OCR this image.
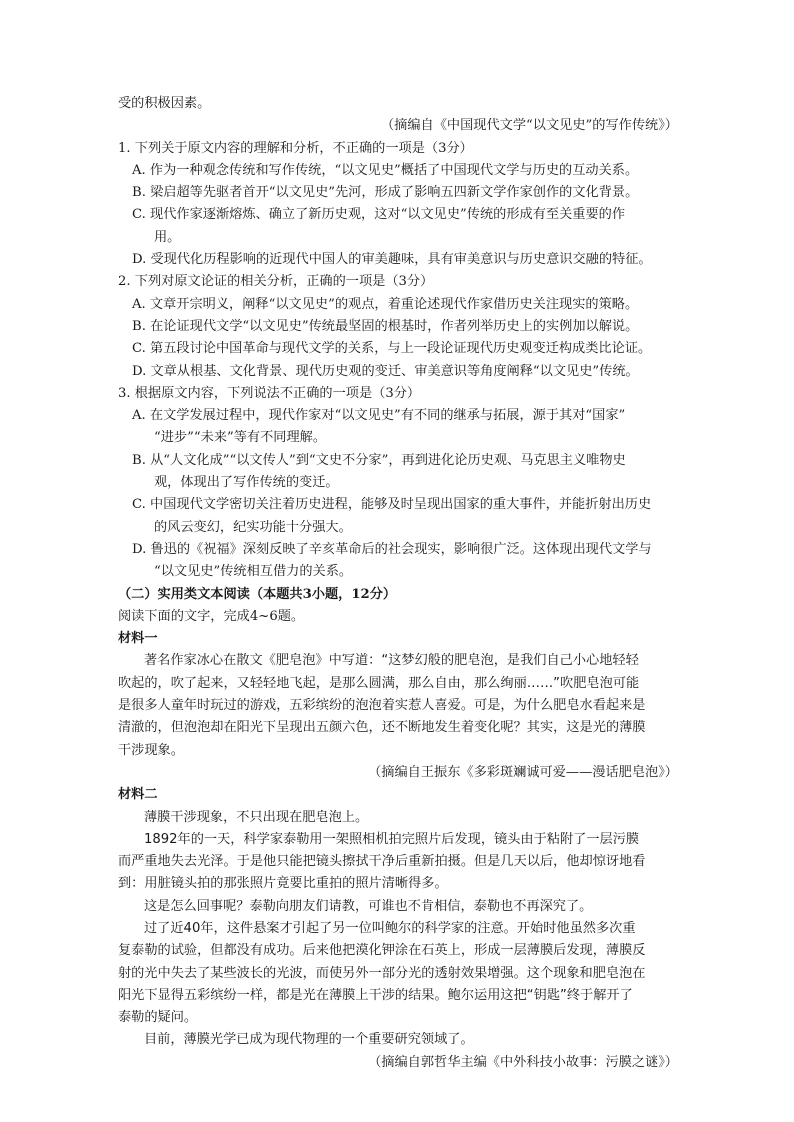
受的积极因素。
（摘编自《中国现代文学“以文见史”的写作传统》）
1. 下列关于原文内容的理解和分析，不正确的一项是（3分）
A. 作为一种观念传统和写作传统，“以文见史”概括了中国现代文学与历史的互动关系。
B. 梁启超等先驱者首开“以文见史”先河，形成了影响五四新文学作家创作的文化背景。
C. 现代作家逐渐熔炼、确立了新历史观，这对“以文见史”传统的形成有至关重要的作
用。
D. 受现代化历程影响的近现代中国人的审美趣味，具有审美意识与历史意识交融的特征。
2. 下列对原文论证的相关分析，正确的一项是（3分）
A. 文章开宗明义，阐释“以文见史”的观点，着重论述现代作家借历史关注现实的策略。
B. 在论证现代文学“以文见史”传统最坚固的根基时，作者列举历史上的实例加以解说。
C. 第五段讨论中国革命与现代文学的关系，与上一段论证现代历史观变迁构成类比论证。
D. 文章从根基、文化背景、现代历史观的变迁、审美意识等角度阐释“以文见史”传统。
3. 根据原文内容，下列说法不正确的一项是（3分）
A. 在文学发展过程中，现代作家对“以文见史”有不同的继承与拓展，源于其对“国家”
“进步”“未来”等有不同理解。
B. 从“人文化成”“以文传人”到“文史不分家”，再到进化论历史观、马克思主义唯物史
观，体现出了写作传统的变迁。
C. 中国现代文学密切关注着历史进程，能够及时呈现出国家的重大事件，并能折射出历史
的风云变幻，纪实功能十分强大。
D. 鲁迅的《祝福》深刻反映了辛亥革命后的社会现实，影响很广泛。这体现出现代文学与
“以文见史”传统相互借力的关系。
（二）实用类文本阅读（本题共3小题，12分）
阅读下面的文字，完成4~6题。
材料一
著名作家冰心在散文《肥皂泡》中写道：“这梦幻般的肥皂泡，是我们自己小心地轻轻
吹起的，吹了起来，又轻轻地飞起，是那么圆满，那么自由，那么绚丽……”吹肥皂泡可能
是很多人童年时玩过的游戏，五彩缤纷的泡泡着实惹人喜爱。可是，为什么肥皂水看起来是
清澈的，但泡泡却在阳光下呈现出五颜六色，还不断地发生着变化呢？其实，这是光的薄膜
干涉现象。
（摘编自王振东《多彩斑斓诚可爱——漫话肥皂泡》）
材料二
薄膜干涉现象，不只出现在肥皂泡上。
1892年的一天，科学家泰勒用一架照相机拍完照片后发现，镜头由于粘附了一层污膜
而严重地失去光泽。于是他只能把镜头擦拭干净后重新拍摄。但是几天以后，他却惊讶地看
到：用脏镜头拍的那张照片竟要比重拍的照片清晰得多。
这是怎么回事呢？泰勒向朋友们请教，可谁也不肯相信，泰勒也不再深究了。
过了近40年，这件悬案才引起了另一位叫鲍尔的科学家的注意。开始时他虽然多次重
复泰勒的试验，但都没有成功。后来他把漠化钾涂在石英上，形成一层薄膜后发现，薄膜反
射的光中失去了某些波长的光波，而使另外一部分光的透射效果增强。这个现象和肥皂泡在
阳光下显得五彩缤纷一样，都是光在薄膜上干涉的结果。鲍尔运用这把“钥匙”终于解开了
泰勒的疑问。
目前，薄膜光学已成为现代物理的一个重要研究领域了。
（摘编自郭哲华主编《中外科技小故事：污膜之谜》）
